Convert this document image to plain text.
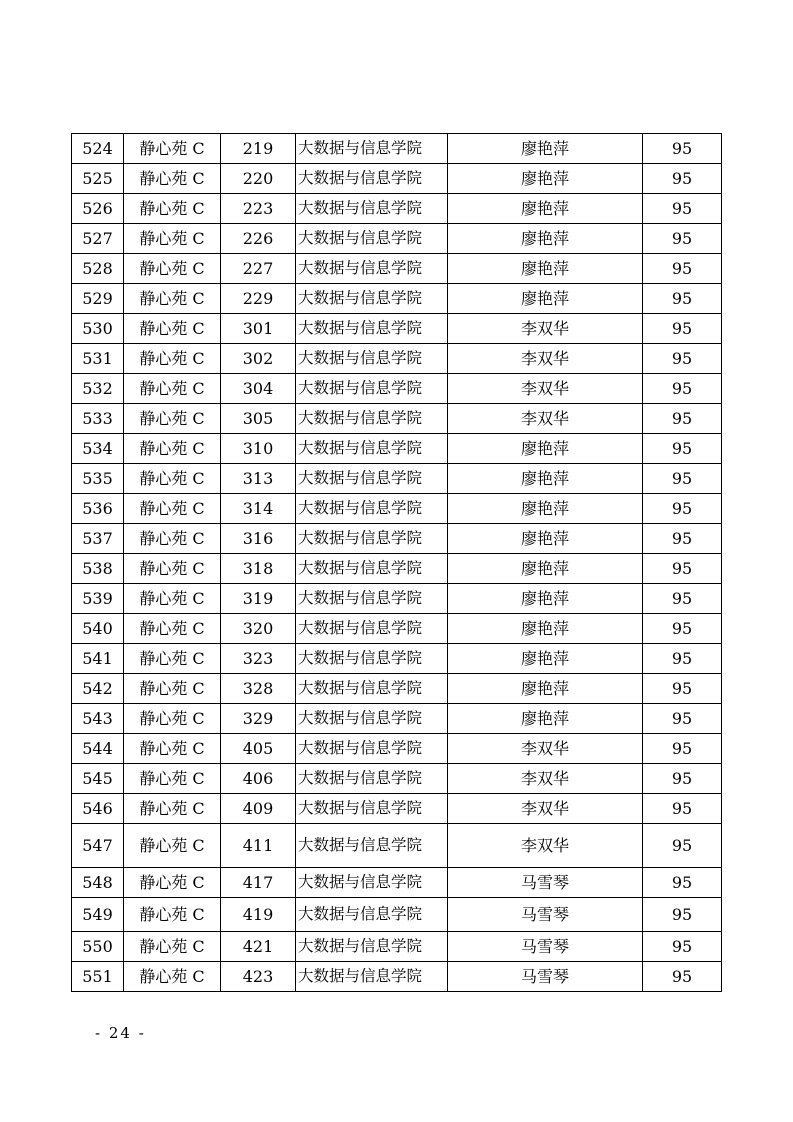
524	静心苑 C	219	大数据与信息学院	廖艳萍	95
525	静心苑 C	220	大数据与信息学院	廖艳萍	95
526	静心苑 C	223	大数据与信息学院	廖艳萍	95
527	静心苑 C	226	大数据与信息学院	廖艳萍	95
528	静心苑 C	227	大数据与信息学院	廖艳萍	95
529	静心苑 C	229	大数据与信息学院	廖艳萍	95
530	静心苑 C	301	大数据与信息学院	李双华	95
531	静心苑 C	302	大数据与信息学院	李双华	95
532	静心苑 C	304	大数据与信息学院	李双华	95
533	静心苑 C	305	大数据与信息学院	李双华	95
534	静心苑 C	310	大数据与信息学院	廖艳萍	95
535	静心苑 C	313	大数据与信息学院	廖艳萍	95
536	静心苑 C	314	大数据与信息学院	廖艳萍	95
537	静心苑 C	316	大数据与信息学院	廖艳萍	95
538	静心苑 C	318	大数据与信息学院	廖艳萍	95
539	静心苑 C	319	大数据与信息学院	廖艳萍	95
540	静心苑 C	320	大数据与信息学院	廖艳萍	95
541	静心苑 C	323	大数据与信息学院	廖艳萍	95
542	静心苑 C	328	大数据与信息学院	廖艳萍	95
543	静心苑 C	329	大数据与信息学院	廖艳萍	95
544	静心苑 C	405	大数据与信息学院	李双华	95
545	静心苑 C	406	大数据与信息学院	李双华	95
546	静心苑 C	409	大数据与信息学院	李双华	95
547	静心苑 C	411	大数据与信息学院	李双华	95
548	静心苑 C	417	大数据与信息学院	马雪琴	95
549	静心苑 C	419	大数据与信息学院	马雪琴	95
550	静心苑 C	421	大数据与信息学院	马雪琴	95
551	静心苑 C	423	大数据与信息学院	马雪琴	95
- 24 -
